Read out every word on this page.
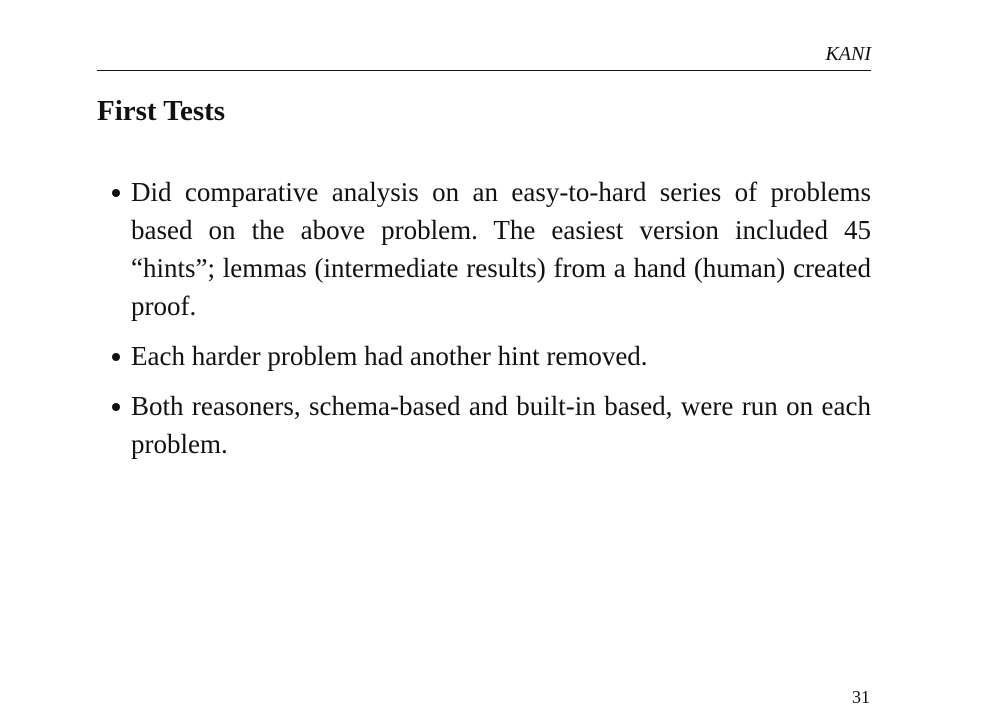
KANI
First Tests
Did comparative analysis on an easy-to-hard series of problems based on the above problem. The easiest version included 45 “hints”; lemmas (intermediate results) from a hand (human) created proof.
Each harder problem had another hint removed.
Both reasoners, schema-based and built-in based, were run on each problem.
31
